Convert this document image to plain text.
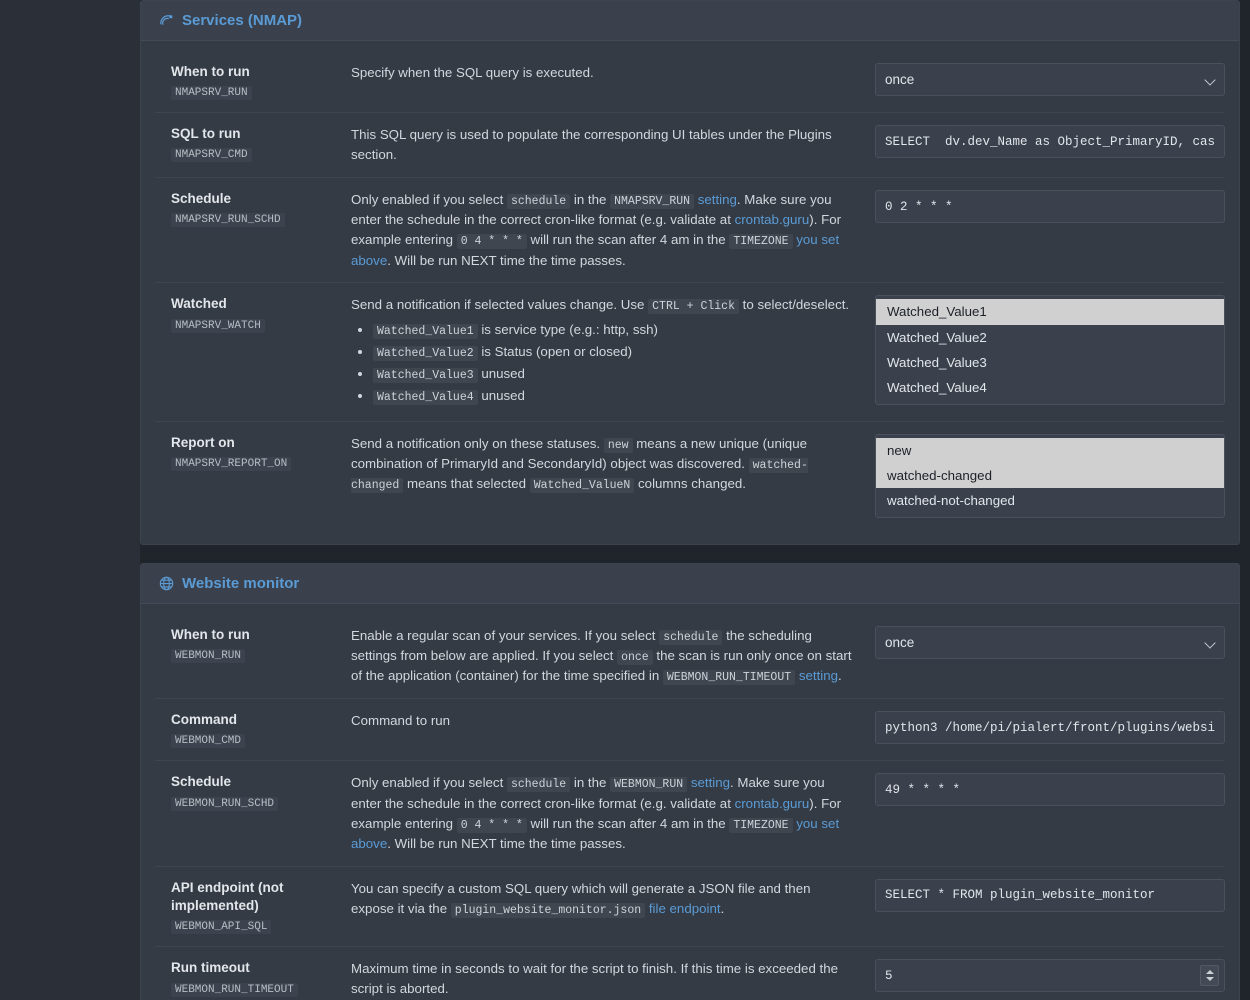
Services (NMAP)
When to run
NMAPSRV_RUN
Specify when the SQL query is executed.
once
SQL to run
NMAPSRV_CMD
This SQL query is used to populate the corresponding UI tables under the Plugins section.
SELECT dv.dev_Name as Object_PrimaryID, cast({s-quo
Schedule
NMAPSRV_RUN_SCHD
Only enabled if you select schedule in the NMAPSRV_RUN setting. Make sure you enter the schedule in the correct cron-like format (e.g. validate at crontab.guru). For example entering 0 4 * * * will run the scan after 4 am in the TIMEZONE you set above. Will be run NEXT time the time passes.
0 2 * * *
Watched
NMAPSRV_WATCH
Send a notification if selected values change. Use CTRL + Click to select/deselect.
• Watched_Value1 is service type (e.g.: http, ssh)
• Watched_Value2 is Status (open or closed)
• Watched_Value3 unused
• Watched_Value4 unused
Watched_Value1
Watched_Value2
Watched_Value3
Watched_Value4
Report on
NMAPSRV_REPORT_ON
Send a notification only on these statuses. new means a new unique (unique combination of PrimaryId and SecondaryId) object was discovered. watched-changed means that selected Watched_ValueN columns changed.
new
watched-changed
watched-not-changed
Website monitor
When to run
WEBMON_RUN
Enable a regular scan of your services. If you select schedule the scheduling settings from below are applied. If you select once the scan is run only once on start of the application (container) for the time specified in WEBMON_RUN_TIMEOUT setting.
once
Command
WEBMON_CMD
Command to run
python3 /home/pi/pialert/front/plugins/website_monit
Schedule
WEBMON_RUN_SCHD
Only enabled if you select schedule in the WEBMON_RUN setting. Make sure you enter the schedule in the correct cron-like format (e.g. validate at crontab.guru). For example entering 0 4 * * * will run the scan after 4 am in the TIMEZONE you set above. Will be run NEXT time the time passes.
49 * * * *
API endpoint (not implemented)
WEBMON_API_SQL
You can specify a custom SQL query which will generate a JSON file and then expose it via the plugin_website_monitor.json file endpoint.
SELECT * FROM plugin_website_monitor
Run timeout
WEBMON_RUN_TIMEOUT
Maximum time in seconds to wait for the script to finish. If this time is exceeded the script is aborted.
5
